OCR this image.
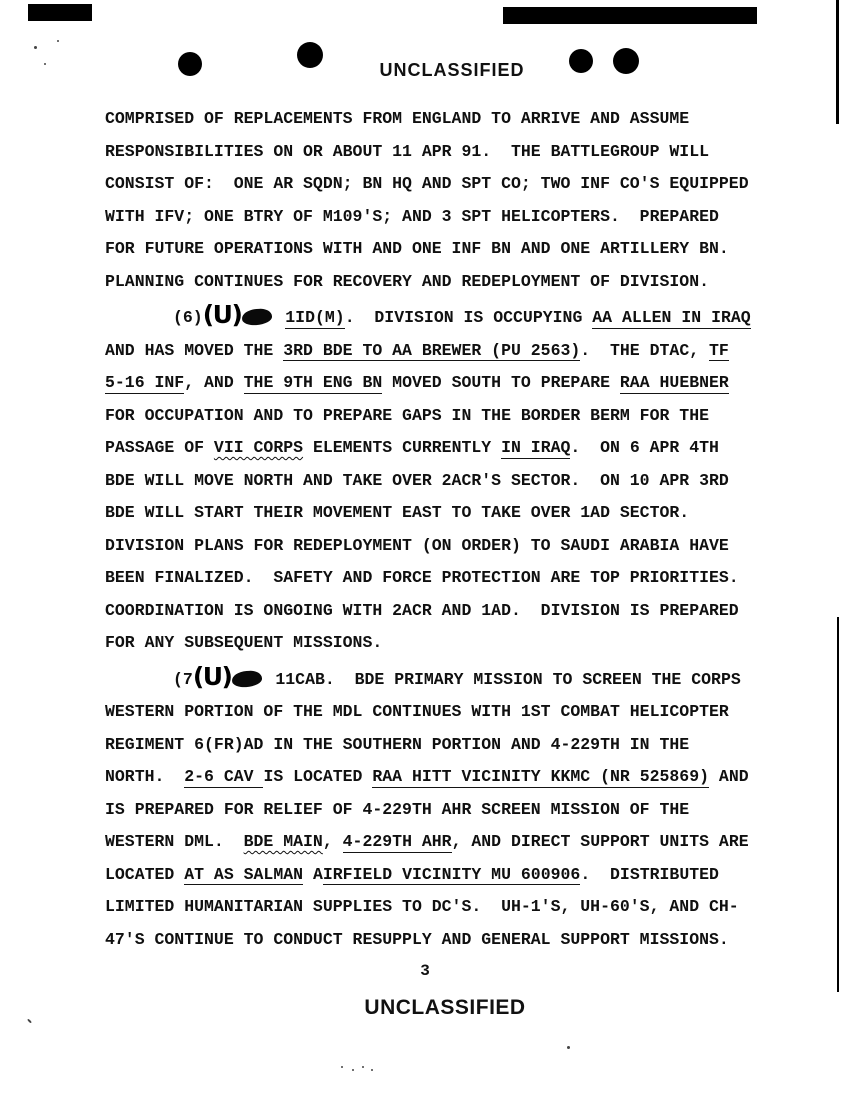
UNCLASSIFIED
COMPRISED OF REPLACEMENTS FROM ENGLAND TO ARRIVE AND ASSUME
RESPONSIBILITIES ON OR ABOUT 11 APR 91.  THE BATTLEGROUP WILL
CONSIST OF:  ONE AR SQDN; BN HQ AND SPT CO; TWO INF CO'S EQUIPPED
WITH IFV; ONE BTRY OF M109'S; AND 3 SPT HELICOPTERS.  PREPARED
FOR FUTURE OPERATIONS WITH AND ONE INF BN AND ONE ARTILLERY BN.
PLANNING CONTINUES FOR RECOVERY AND REDEPLOYMENT OF DIVISION.
(6)(U)	1ID(M).  DIVISION IS OCCUPYING AA ALLEN IN IRAQ
AND HAS MOVED THE 3RD BDE TO AA BREWER (PU 2563).  THE DTAC, TF
5-16 INF, AND THE 9TH ENG BN MOVED SOUTH TO PREPARE RAA HUEBNER
FOR OCCUPATION AND TO PREPARE GAPS IN THE BORDER BERM FOR THE
PASSAGE OF VII CORPS ELEMENTS CURRENTLY IN IRAQ.  ON 6 APR 4TH
BDE WILL MOVE NORTH AND TAKE OVER 2ACR'S SECTOR.  ON 10 APR 3RD
BDE WILL START THEIR MOVEMENT EAST TO TAKE OVER 1AD SECTOR.
DIVISION PLANS FOR REDEPLOYMENT (ON ORDER) TO SAUDI ARABIA HAVE
BEEN FINALIZED.  SAFETY AND FORCE PROTECTION ARE TOP PRIORITIES.
COORDINATION IS ONGOING WITH 2ACR AND 1AD.  DIVISION IS PREPARED
FOR ANY SUBSEQUENT MISSIONS.
(7(U) 11CAB.  BDE PRIMARY MISSION TO SCREEN THE CORPS
WESTERN PORTION OF THE MDL CONTINUES WITH 1ST COMBAT HELICOPTER
REGIMENT 6(FR)AD IN THE SOUTHERN PORTION AND 4-229TH IN THE
NORTH.  2-6 CAV IS LOCATED RAA HITT VICINITY KKMC (NR 525869) AND
IS PREPARED FOR RELIEF OF 4-229TH AHR SCREEN MISSION OF THE
WESTERN DML.  BDE MAIN, 4-229TH AHR, AND DIRECT SUPPORT UNITS ARE
LOCATED AT AS SALMAN AIRFIELD VICINITY MU 600906.  DISTRIBUTED
LIMITED HUMANITARIAN SUPPLIES TO DC'S.  UH-1'S, UH-60'S, AND CH-
47'S CONTINUE TO CONDUCT RESUPPLY AND GENERAL SUPPORT MISSIONS.
3
UNCLASSIFIED
